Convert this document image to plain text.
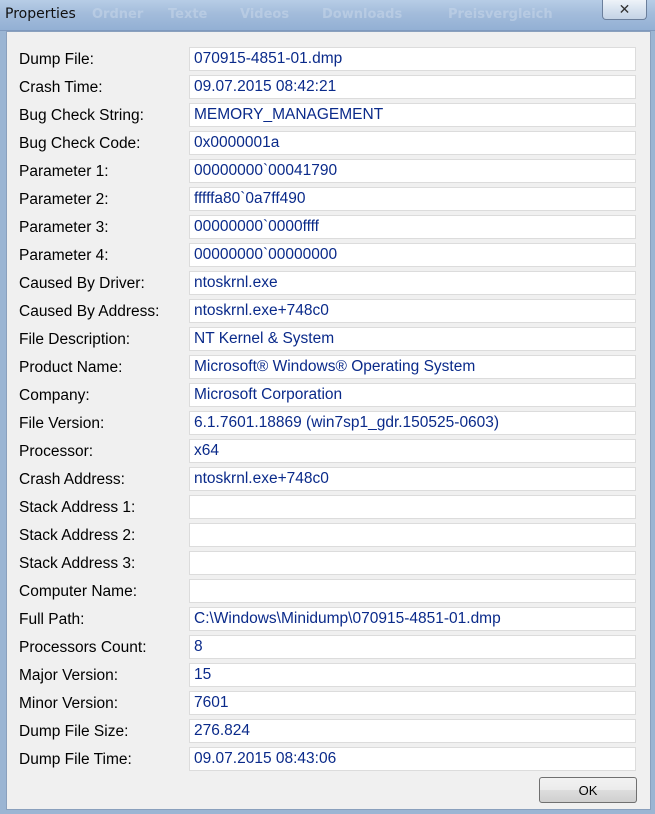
Properties Ordner Texte	Videos	Downloads	Preisvergleich	✕
Dump File:	070915-4851-01.dmp
Crash Time:	09.07.2015 08:42:21
Bug Check String:	MEMORY_MANAGEMENT
Bug Check Code:	0x0000001a
Parameter 1:	00000000`00041790
Parameter 2:	fffffa80`0a7ff490
Parameter 3:	00000000`0000ffff
Parameter 4:	00000000`00000000
Caused By Driver:	ntoskrnl.exe
Caused By Address:	ntoskrnl.exe+748c0
File Description:	NT Kernel & System
Product Name:	Microsoft® Windows® Operating System
Company:	Microsoft Corporation
File Version:	6.1.7601.18869 (win7sp1_gdr.150525-0603)
Processor:	x64
Crash Address:	ntoskrnl.exe+748c0
Stack Address 1:
Stack Address 2:
Stack Address 3:
Computer Name:
Full Path:	C:\Windows\Minidump\070915-4851-01.dmp
Processors Count:	8
Major Version:	15
Minor Version:	7601
Dump File Size:	276.824
Dump File Time:	09.07.2015 08:43:06
OK
